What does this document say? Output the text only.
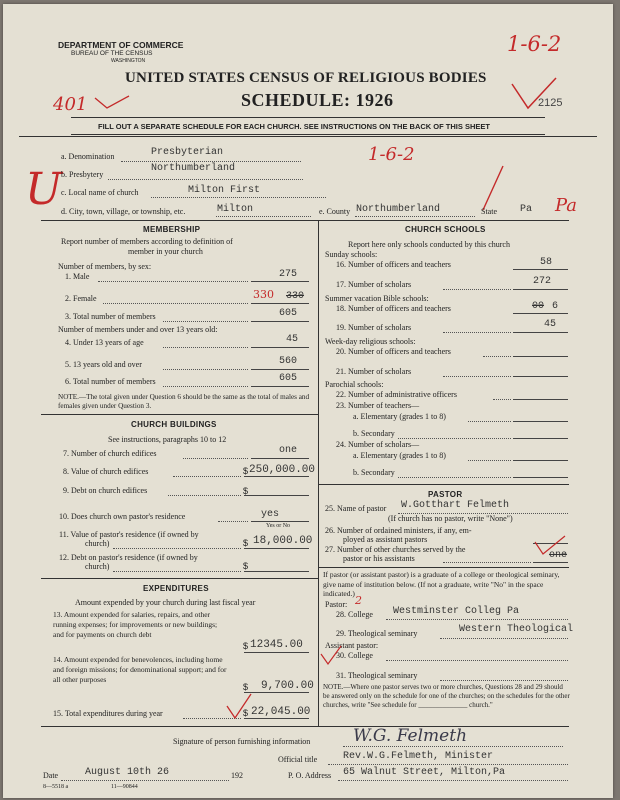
DEPARTMENT OF COMMERCE
BUREAU OF THE CENSUS
WASHINGTON
UNITED STATES CENSUS OF RELIGIOUS BODIES
SCHEDULE: 1926	2125
1-6-2
401
FILL OUT A SEPARATE SCHEDULE FOR EACH CHURCH. SEE INSTRUCTIONS ON THE BACK OF THIS SHEET
U
1-6-2
Pa
a. Denomination	Presbyterian
b. Presbytery
Northumberland
c. Local name of church	Milton First
d. City, town, village, or township, etc.	Milton	e. County Northumberland	State Pa
MEMBERSHIP
Report number of members according to definition of
member in your church
Number of members, by sex:
1. Male	275
2. Female	330 330
3. Total number of members	605
Number of members under and over 13 years old:
4. Under 13 years of age	45
5. 13 years old and over	560
6. Total number of members	605
NOTE.—The total given under Question 6 should be the same as the total of males and females given under Question 3.
CHURCH BUILDINGS
See instructions, paragraphs 10 to 12
7. Number of church edifices	one
8. Value of church edifices	$ 250,000.00
9. Debt on church edifices	$
10. Does church own pastor's residence	yes
Yes or No
11. Value of pastor's residence (if owned by
church)	$ 18,000.00
12. Debt on pastor's residence (if owned by
church)	$
EXPENDITURES
Amount expended by your church during last fiscal year
13. Amount expended for salaries, repairs, and other running expenses; for improvements or new buildings; and for payments on church debt
$ 12345.00
14. Amount expended for benevolences, including home and foreign missions; for denominational support; and for all other purposes
$ 9,700.00
15. Total expenditures during year	$ 22,045.00
CHURCH SCHOOLS
Report here only schools conducted by this church
Sunday schools:
16. Number of officers and teachers	58
17. Number of scholars	272
Summer vacation Bible schools:
18. Number of officers and teachers	00 6
19. Number of scholars	45
Week-day religious schools:
20. Number of officers and teachers
21. Number of scholars
Parochial schools:
22. Number of administrative officers
23. Number of teachers—
a. Elementary (grades 1 to 8)
b. Secondary
24. Number of scholars—
a. Elementary (grades 1 to 8)
b. Secondary
PASTOR
25. Name of pastor W.Gotthart Felmeth
(If church has no pastor, write "None")
26. Number of ordained ministers, if any, em-
ployed as assistant pastors
27. Number of other churches served by the
pastor or his assistants	one
If pastor (or assistant pastor) is a graduate of a college or theological seminary, give name of institution below. (If not a graduate, write "No" in the space indicated.)
Pastor: 2
28. College Westminster Colleg Pa
29. Theological seminary	Western Theological
Assistant pastor:
30. College
31. Theological seminary
NOTE.—Where one pastor serves two or more churches, Questions 28 and 29 should be answered only on the schedule for one of the churches; on the schedules for the other churches, write "See schedule for ______________ church."
Signature of person furnishing information	W.G. Felmeth
Official title	Rev.W.G.Felmeth, Minister
Date	August 10th 26	192	P. O. Address 65 Walnut Street, Milton,Pa
8—5518 a	11—90844
